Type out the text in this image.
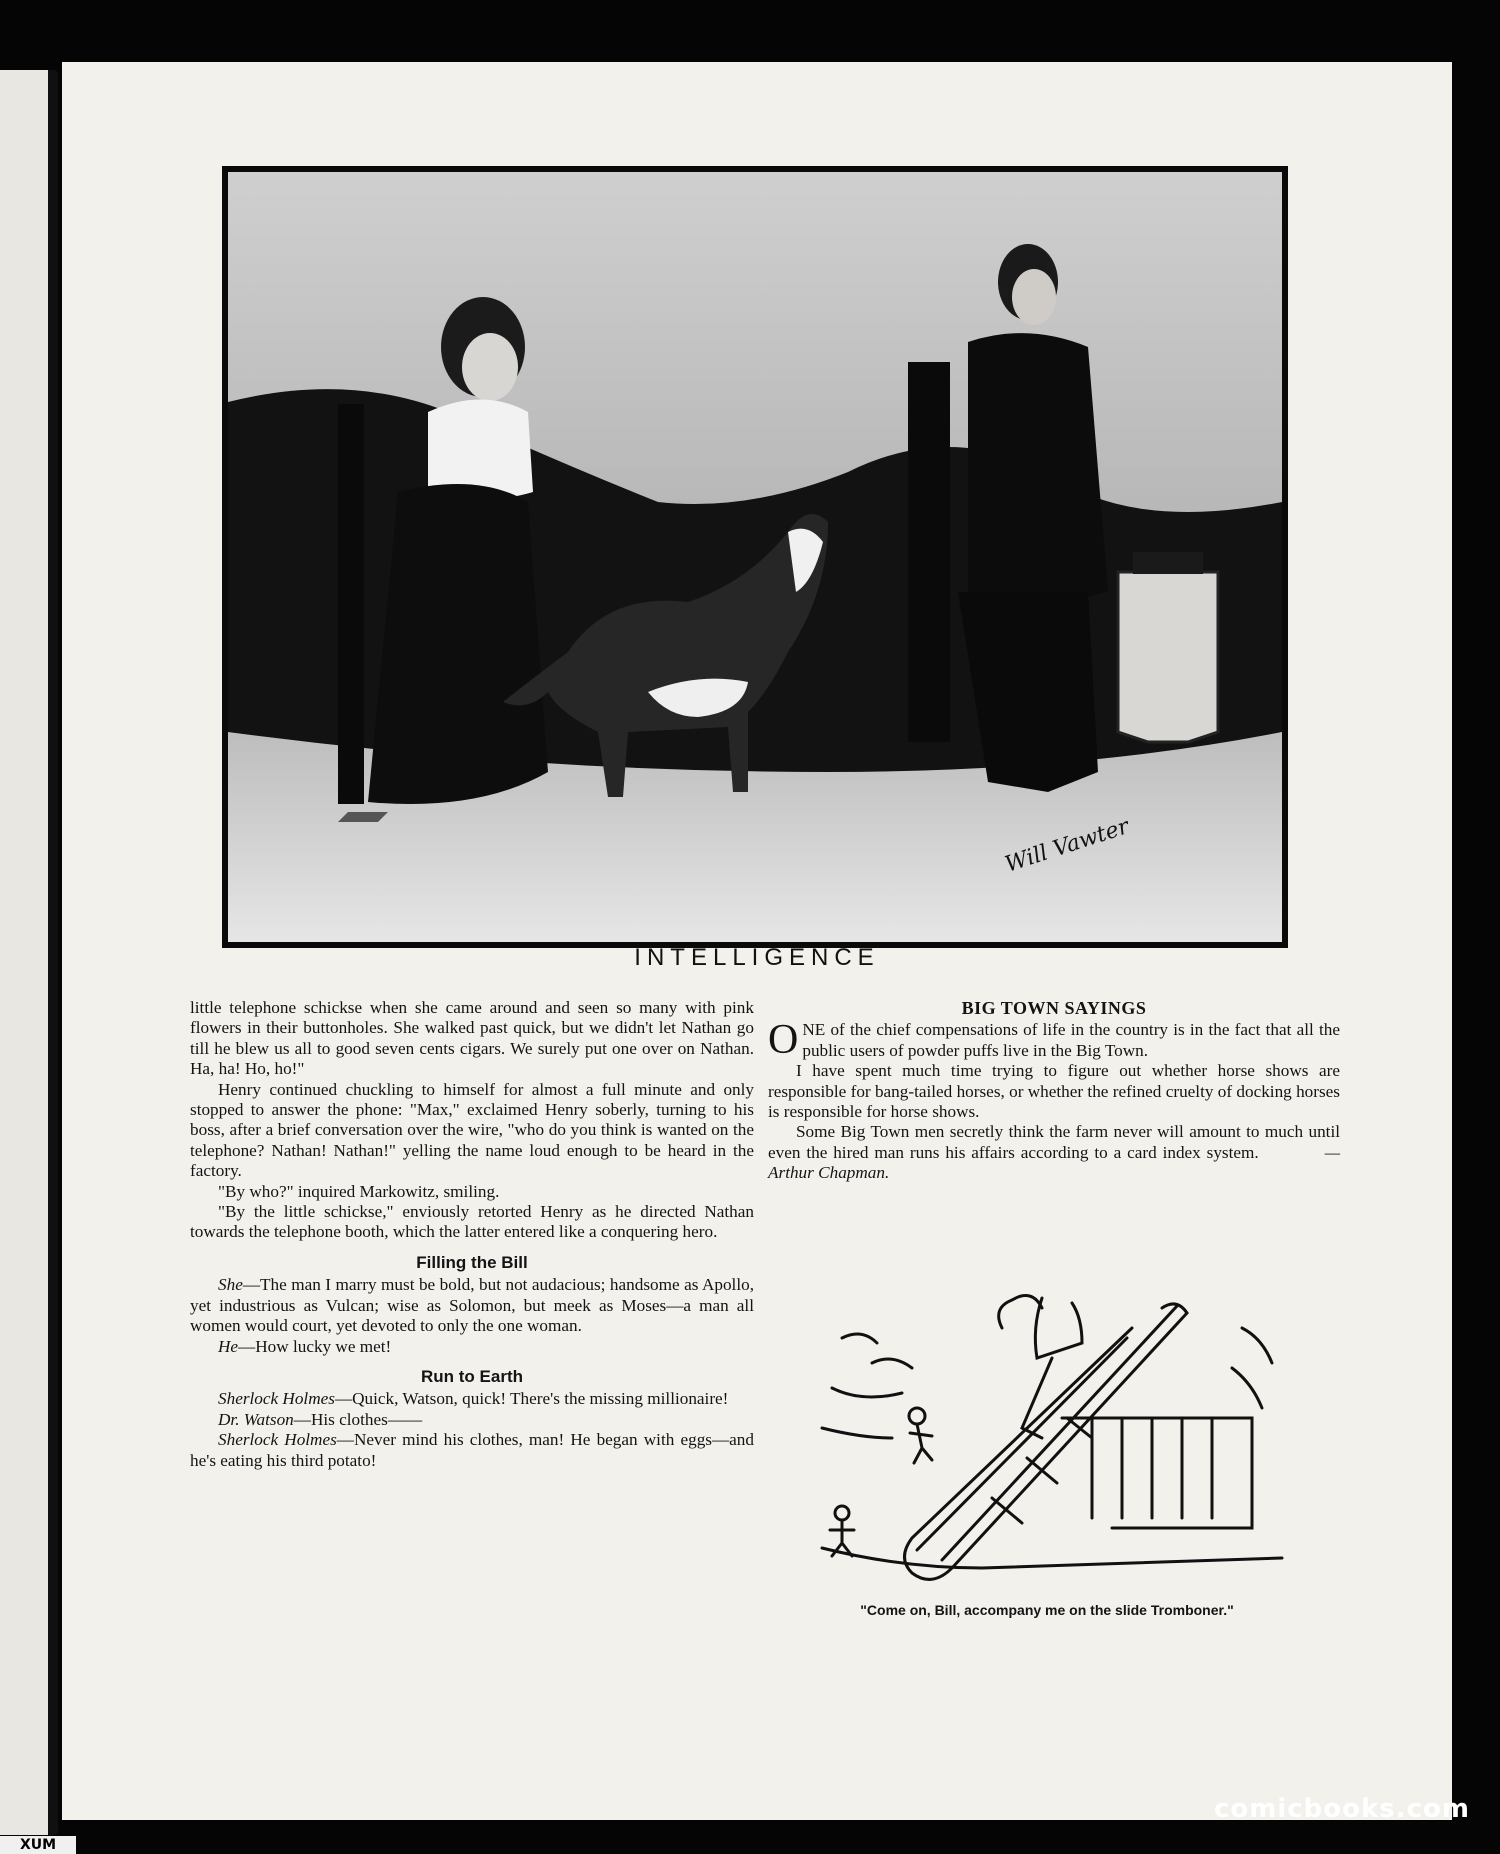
Will Vawter
INTELLIGENCE

little telephone schickse when she came around and seen so many with pink flowers in their buttonholes. She walked past quick, but we didn't let Nathan go till he blew us all to good seven cents cigars. We surely put one over on Nathan. Ha, ha! Ho, ho!"

Henry continued chuckling to himself for almost a full minute and only stopped to answer the phone: "Max," exclaimed Henry soberly, turning to his boss, after a brief conversation over the wire, "who do you think is wanted on the telephone? Nathan! Nathan!" yelling the name loud enough to be heard in the factory.

"By who?" inquired Markowitz, smiling.

"By the little schickse," enviously retorted Henry as he directed Nathan towards the telephone booth, which the latter entered like a conquering hero.

Filling the Bill

She—The man I marry must be bold, but not audacious; handsome as Apollo, yet industrious as Vulcan; wise as Solomon, but meek as Moses—a man all women would court, yet devoted to only the one woman.

He—How lucky we met!

Run to Earth

Sherlock Holmes—Quick, Watson, quick! There's the missing millionaire!

Dr. Watson—His clothes——

Sherlock Holmes—Never mind his clothes, man! He began with eggs—and he's eating his third potato!

BIG TOWN SAYINGS

ONE of the chief compensations of life in the country is in the fact that all the public users of powder puffs live in the Big Town.

I have spent much time trying to figure out whether horse shows are responsible for bang-tailed horses, or whether the refined cruelty of docking horses is responsible for horse shows.

Some Big Town men secretly think the farm never will amount to much until even the hired man runs his affairs according to a card index system.	—Arthur Chapman.

"Come on, Bill, accompany me on the slide Tromboner."
comicbooks.com
XUM
